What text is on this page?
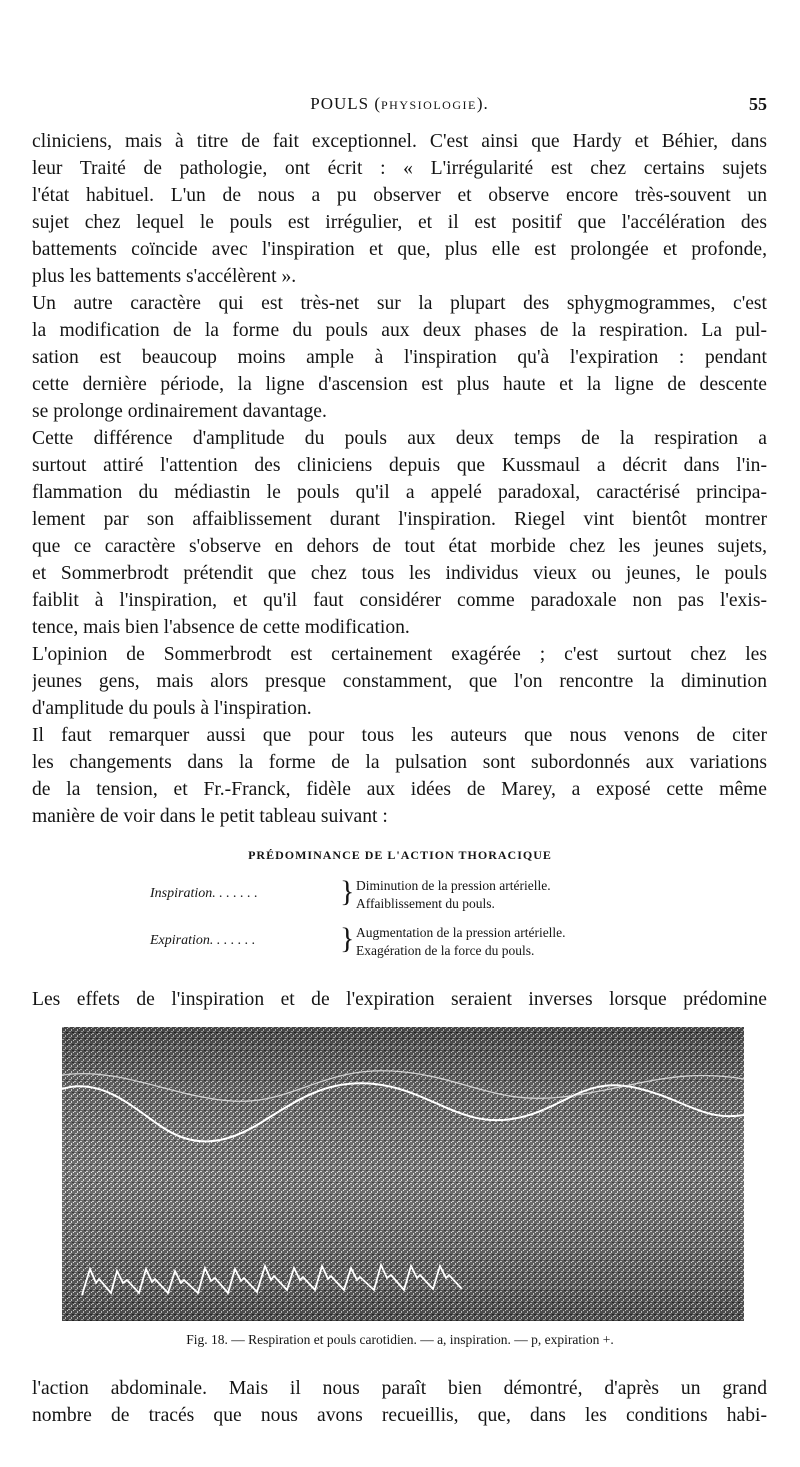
POULS (PHYSIOLOGIE).	55
cliniciens, mais à titre de fait exceptionnel. C'est ainsi que Hardy et Béhier, dans
leur Traité de pathologie, ont écrit : « L'irrégularité est chez certains sujets
l'état habituel. L'un de nous a pu observer et observe encore très-souvent un
sujet chez lequel le pouls est irrégulier, et il est positif que l'accélération des
battements coïncide avec l'inspiration et que, plus elle est prolongée et profonde,
plus les battements s'accélèrent ».
Un autre caractère qui est très-net sur la plupart des sphygmogrammes, c'est
la modification de la forme du pouls aux deux phases de la respiration. La pul-
sation est beaucoup moins ample à l'inspiration qu'à l'expiration : pendant
cette dernière période, la ligne d'ascension est plus haute et la ligne de descente
se prolonge ordinairement davantage.
Cette différence d'amplitude du pouls aux deux temps de la respiration a
surtout attiré l'attention des cliniciens depuis que Kussmaul a décrit dans l'in-
flammation du médiastin le pouls qu'il a appelé paradoxal, caractérisé principa-
lement par son affaiblissement durant l'inspiration. Riegel vint bientôt montrer
que ce caractère s'observe en dehors de tout état morbide chez les jeunes sujets,
et Sommerbrodt prétendit que chez tous les individus vieux ou jeunes, le pouls
faiblit à l'inspiration, et qu'il faut considérer comme paradoxale non pas l'exis-
tence, mais bien l'absence de cette modification.
L'opinion de Sommerbrodt est certainement exagérée ; c'est surtout chez les
jeunes gens, mais alors presque constamment, que l'on rencontre la diminution
d'amplitude du pouls à l'inspiration.
Il faut remarquer aussi que pour tous les auteurs que nous venons de citer
les changements dans la forme de la pulsation sont subordonnés aux variations
de la tension, et Fr.-Franck, fidèle aux idées de Marey, a exposé cette même
manière de voir dans le petit tableau suivant :
PRÉDOMINANCE DE L'ACTION THORACIQUE
Inspiration. . . . . . .	} Diminution de la pression artérielle.
Affaiblissement du pouls.
Expiration. . . . . . .	} Augmentation de la pression artérielle.
Exagération de la force du pouls.
Les effets de l'inspiration et de l'expiration seraient inverses lorsque prédomine
Fig. 18. — Respiration et pouls carotidien. — a, inspiration. — p, expiration +.
l'action abdominale. Mais il nous paraît bien démontré, d'après un grand
nombre de tracés que nous avons recueillis, que, dans les conditions habi-
